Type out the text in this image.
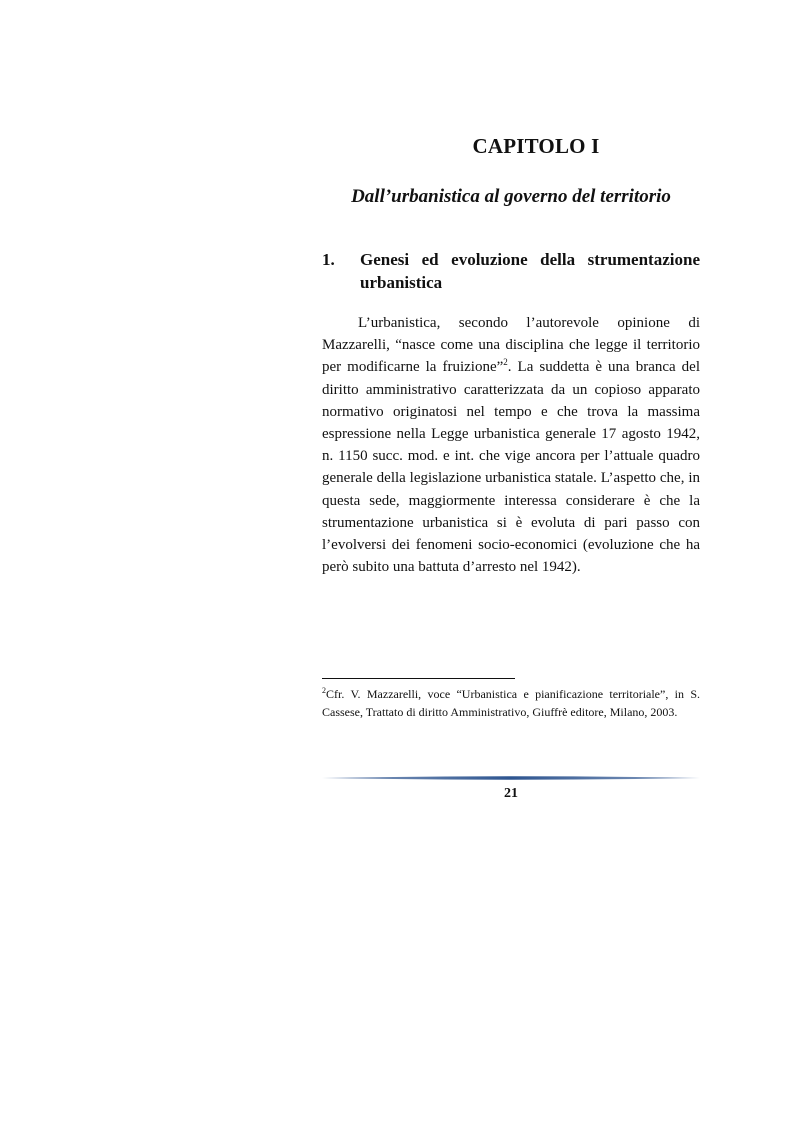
CAPITOLO I
Dall’urbanistica al governo del territorio
1. Genesi ed evoluzione della strumentazione urbanistica

L’urbanistica, secondo l’autorevole opinione di Mazzarelli, “nasce come una disciplina che legge il territorio per modificarne la fruizione”$^2$. La suddetta è una branca del diritto amministrativo caratterizzata da un copioso apparato normativo originatosi nel tempo e che trova la massima espressione nella Legge urbanistica generale 17 agosto 1942, n. 1150 succ. mod. e int. che vige ancora per l’attuale quadro generale della legislazione urbanistica statale. L’aspetto che, in questa sede, maggiormente interessa considerare è che la strumentazione urbanistica si è evoluta di pari passo con l’evolversi dei fenomeni socio-economici (evoluzione che ha però subito una battuta d’arresto nel 1942).

$^2$Cfr. V. Mazzarelli, voce “Urbanistica e pianificazione territoriale”, in S. Cassese, Trattato di diritto Amministrativo, Giuffrè editore, Milano, 2003.

21
